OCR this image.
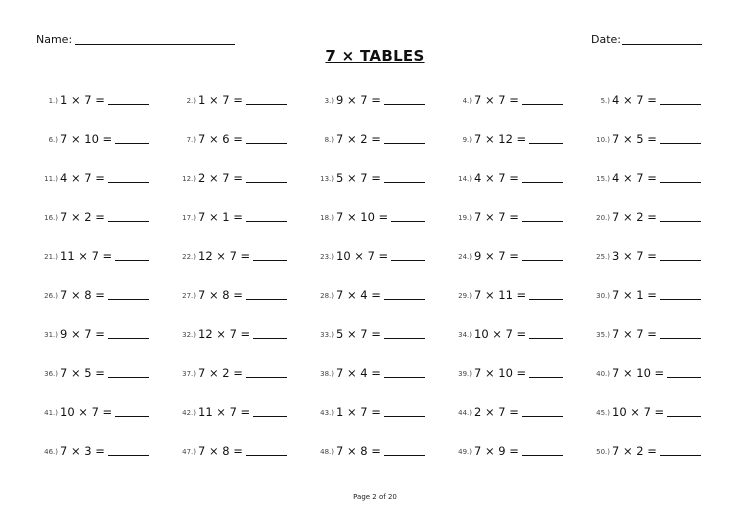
Name:	Date:
7 × TABLES
1.) 1 × 7 =	2.) 1 × 7 =	3.) 9 × 7 =	4.) 7 × 7 =	5.) 4 × 7 =
6.) 7 × 10 =	7.) 7 × 6 =	8.) 7 × 2 =	9.) 7 × 12 =	10.) 7 × 5 =
11.) 4 × 7 =	12.) 2 × 7 =	13.) 5 × 7 =	14.) 4 × 7 =	15.) 4 × 7 =
16.) 7 × 2 =	17.) 7 × 1 =	18.) 7 × 10 =	19.) 7 × 7 =	20.) 7 × 2 =
21.) 11 × 7 =	22.) 12 × 7 =	23.) 10 × 7 =	24.) 9 × 7 =	25.) 3 × 7 =
26.) 7 × 8 =	27.) 7 × 8 =	28.) 7 × 4 =	29.) 7 × 11 =	30.) 7 × 1 =
31.) 9 × 7 =	32.) 12 × 7 =	33.) 5 × 7 =	34.) 10 × 7 =	35.) 7 × 7 =
36.) 7 × 5 =	37.) 7 × 2 =	38.) 7 × 4 =	39.) 7 × 10 =	40.) 7 × 10 =
41.) 10 × 7 =	42.) 11 × 7 =	43.) 1 × 7 =	44.) 2 × 7 =	45.) 10 × 7 =
46.) 7 × 3 =	47.) 7 × 8 =	48.) 7 × 8 =	49.) 7 × 9 =	50.) 7 × 2 =
Page 2 of 20
